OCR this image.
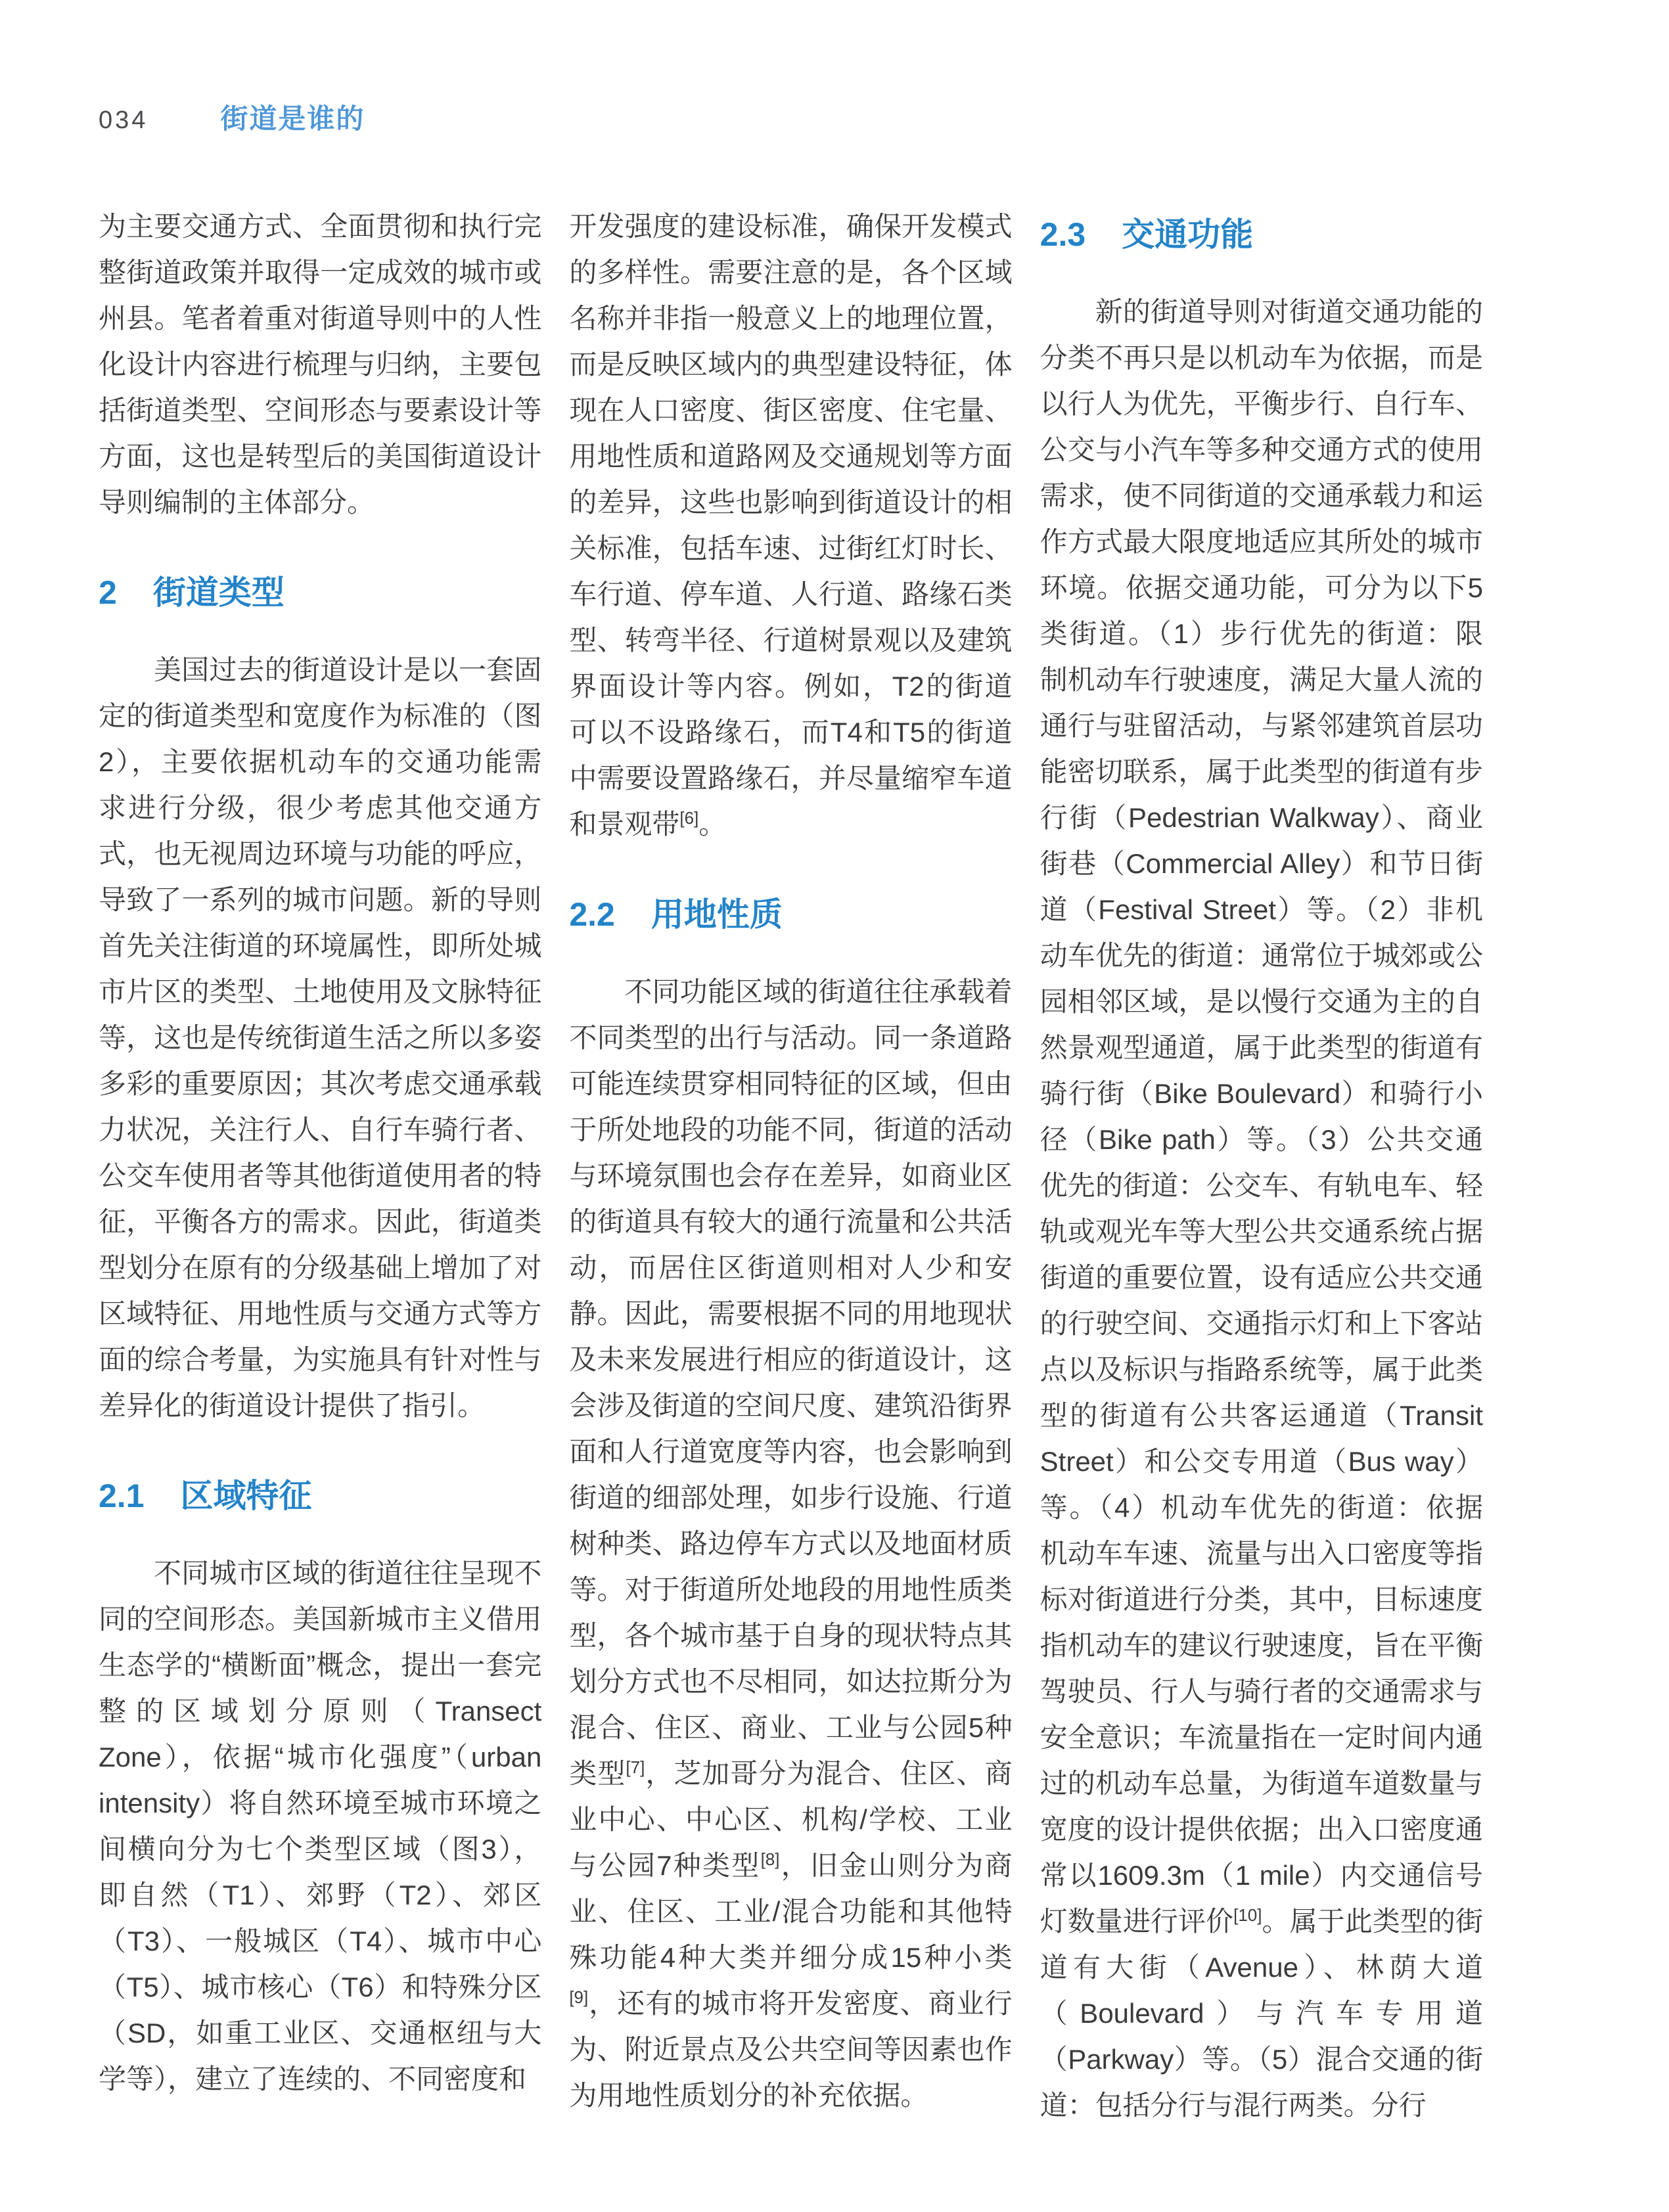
034	街道是谁的

为主要交通方式、全面贯彻和执行完整街道政策并取得一定成效的城市或州县。笔者着重对街道导则中的人性化设计内容进行梳理与归纳，主要包括街道类型、空间形态与要素设计等方面，这也是转型后的美国街道设计导则编制的主体部分。

2 街道类型

美国过去的街道设计是以一套固定的街道类型和宽度作为标准的（图2），主要依据机动车的交通功能需求进行分级，很少考虑其他交通方式，也无视周边环境与功能的呼应，导致了一系列的城市问题。新的导则首先关注街道的环境属性，即所处城市片区的类型、土地使用及文脉特征等，这也是传统街道生活之所以多姿多彩的重要原因；其次考虑交通承载力状况，关注行人、自行车骑行者、公交车使用者等其他街道使用者的特征，平衡各方的需求。因此，街道类型划分在原有的分级基础上增加了对区域特征、用地性质与交通方式等方面的综合考量，为实施具有针对性与差异化的街道设计提供了指引。

2.1 区域特征

不同城市区域的街道往往呈现不同的空间形态。美国新城市主义借用生态学的“横断面”概念，提出一套完整的区域划分原则（Transect Zone），依据“城市化强度”（urban intensity）将自然环境至城市环境之间横向分为七个类型区域（图3），即自然（T1）、郊野（T2）、郊区（T3）、一般城区（T4）、城市中心（T5）、城市核心（T6）和特殊分区（SD，如重工业区、交通枢纽与大学等），建立了连续的、不同密度和

开发强度的建设标准，确保开发模式的多样性。需要注意的是，各个区域名称并非指一般意义上的地理位置，而是反映区域内的典型建设特征，体现在人口密度、街区密度、住宅量、用地性质和道路网及交通规划等方面的差异，这些也影响到街道设计的相关标准，包括车速、过街红灯时长、车行道、停车道、人行道、路缘石类型、转弯半径、行道树景观以及建筑界面设计等内容。例如，T2的街道可以不设路缘石，而T4和T5的街道中需要设置路缘石，并尽量缩窄车道和景观带[6]。

2.2 用地性质

不同功能区域的街道往往承载着不同类型的出行与活动。同一条道路可能连续贯穿相同特征的区域，但由于所处地段的功能不同，街道的活动与环境氛围也会存在差异，如商业区的街道具有较大的通行流量和公共活动，而居住区街道则相对人少和安静。因此，需要根据不同的用地现状及未来发展进行相应的街道设计，这会涉及街道的空间尺度、建筑沿街界面和人行道宽度等内容，也会影响到街道的细部处理，如步行设施、行道树种类、路边停车方式以及地面材质等。对于街道所处地段的用地性质类型，各个城市基于自身的现状特点其划分方式也不尽相同，如达拉斯分为混合、住区、商业、工业与公园5种类型[7]，芝加哥分为混合、住区、商业中心、中心区、机构/学校、工业与公园7种类型[8]，旧金山则分为商业、住区、工业/混合功能和其他特殊功能4种大类并细分成15种小类[9]，还有的城市将开发密度、商业行为、附近景点及公共空间等因素也作为用地性质划分的补充依据。

2.3 交通功能

新的街道导则对街道交通功能的分类不再只是以机动车为依据，而是以行人为优先，平衡步行、自行车、公交与小汽车等多种交通方式的使用需求，使不同街道的交通承载力和运作方式最大限度地适应其所处的城市环境。依据交通功能，可分为以下5类街道。（1）步行优先的街道：限制机动车行驶速度，满足大量人流的通行与驻留活动，与紧邻建筑首层功能密切联系，属于此类型的街道有步行街（Pedestrian Walkway）、商业街巷（Commercial Alley）和节日街道（Festival Street）等。（2）非机动车优先的街道：通常位于城郊或公园相邻区域，是以慢行交通为主的自然景观型通道，属于此类型的街道有骑行街（Bike Boulevard）和骑行小径（Bike path）等。（3）公共交通优先的街道：公交车、有轨电车、轻轨或观光车等大型公共交通系统占据街道的重要位置，设有适应公共交通的行驶空间、交通指示灯和上下客站点以及标识与指路系统等，属于此类型的街道有公共客运通道（Transit Street）和公交专用道（Bus way）等。（4）机动车优先的街道：依据机动车车速、流量与出入口密度等指标对街道进行分类，其中，目标速度指机动车的建议行驶速度，旨在平衡驾驶员、行人与骑行者的交通需求与安全意识；车流量指在一定时间内通过的机动车总量，为街道车道数量与宽度的设计提供依据；出入口密度通常以1609.3m（1 mile）内交通信号灯数量进行评价[10]。属于此类型的街道有大街（Avenue）、林荫大道（Boulevard）与汽车专用道（Parkway）等。（5）混合交通的街道：包括分行与混行两类。分行
